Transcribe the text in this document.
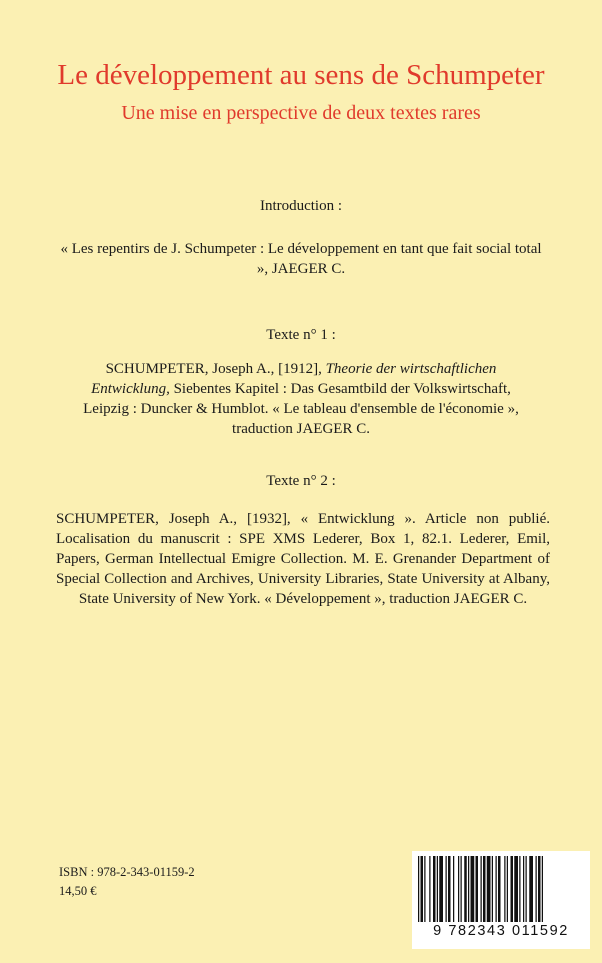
Le développement au sens de Schumpeter
Une mise en perspective de deux textes rares
Introduction :
« Les repentirs de J. Schumpeter : Le développement en tant que fait social total », JAEGER C.
Texte n° 1 :
SCHUMPETER, Joseph A., [1912], Theorie der wirtschaftlichen Entwicklung, Siebentes Kapitel : Das Gesamtbild der Volkswirtschaft, Leipzig : Duncker & Humblot. « Le tableau d'ensemble de l'économie », traduction JAEGER C.
Texte n° 2 :
SCHUMPETER, Joseph A., [1932], « Entwicklung ». Article non publié. Localisation du manuscrit : SPE XMS Lederer, Box 1, 82.1. Lederer, Emil, Papers, German Intellectual Emigre Collection. M. E. Grenander Department of Special Collection and Archives, University Libraries, State University at Albany, State University of New York. « Développement », traduction JAEGER C.
ISBN : 978-2-343-01159-2
14,50 €
9 782343 011592
